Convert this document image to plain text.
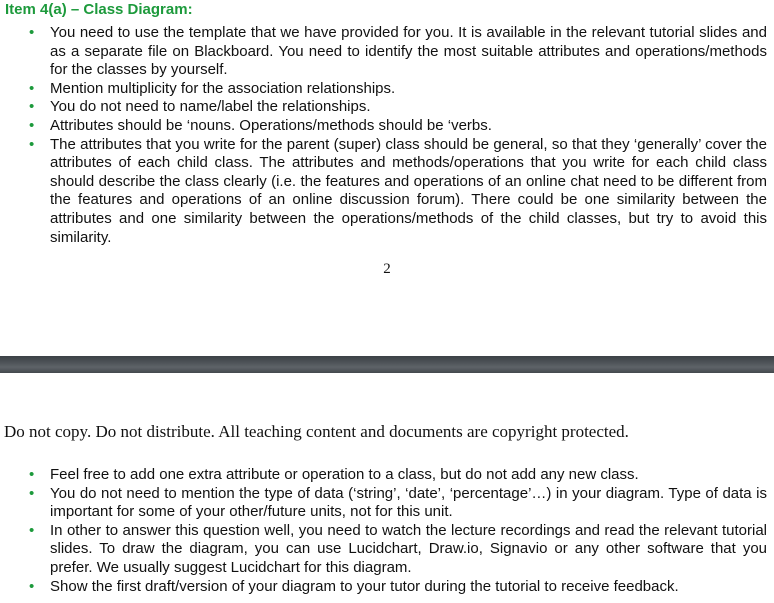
Item 4(a) – Class Diagram:
• You need to use the template that we have provided for you. It is available in the relevant tutorial slides and as a separate file on Blackboard. You need to identify the most suitable attributes and operations/methods for the classes by yourself.
• Mention multiplicity for the association relationships.
• You do not need to name/label the relationships.
• Attributes should be ‘nouns. Operations/methods should be ‘verbs.
• The attributes that you write for the parent (super) class should be general, so that they ‘generally’ cover the attributes of each child class. The attributes and methods/operations that you write for each child class should describe the class clearly (i.e. the features and operations of an online chat need to be different from the features and operations of an online discussion forum). There could be one similarity between the attributes and one similarity between the operations/methods of the child classes, but try to avoid this similarity.
2
Do not copy. Do not distribute. All teaching content and documents are copyright protected.
• Feel free to add one extra attribute or operation to a class, but do not add any new class.
• You do not need to mention the type of data (‘string’, ‘date’, ‘percentage’…) in your diagram. Type of data is important for some of your other/future units, not for this unit.
• In other to answer this question well, you need to watch the lecture recordings and read the relevant tutorial slides. To draw the diagram, you can use Lucidchart, Draw.io, Signavio or any other software that you prefer. We usually suggest Lucidchart for this diagram.
• Show the first draft/version of your diagram to your tutor during the tutorial to receive feedback.
